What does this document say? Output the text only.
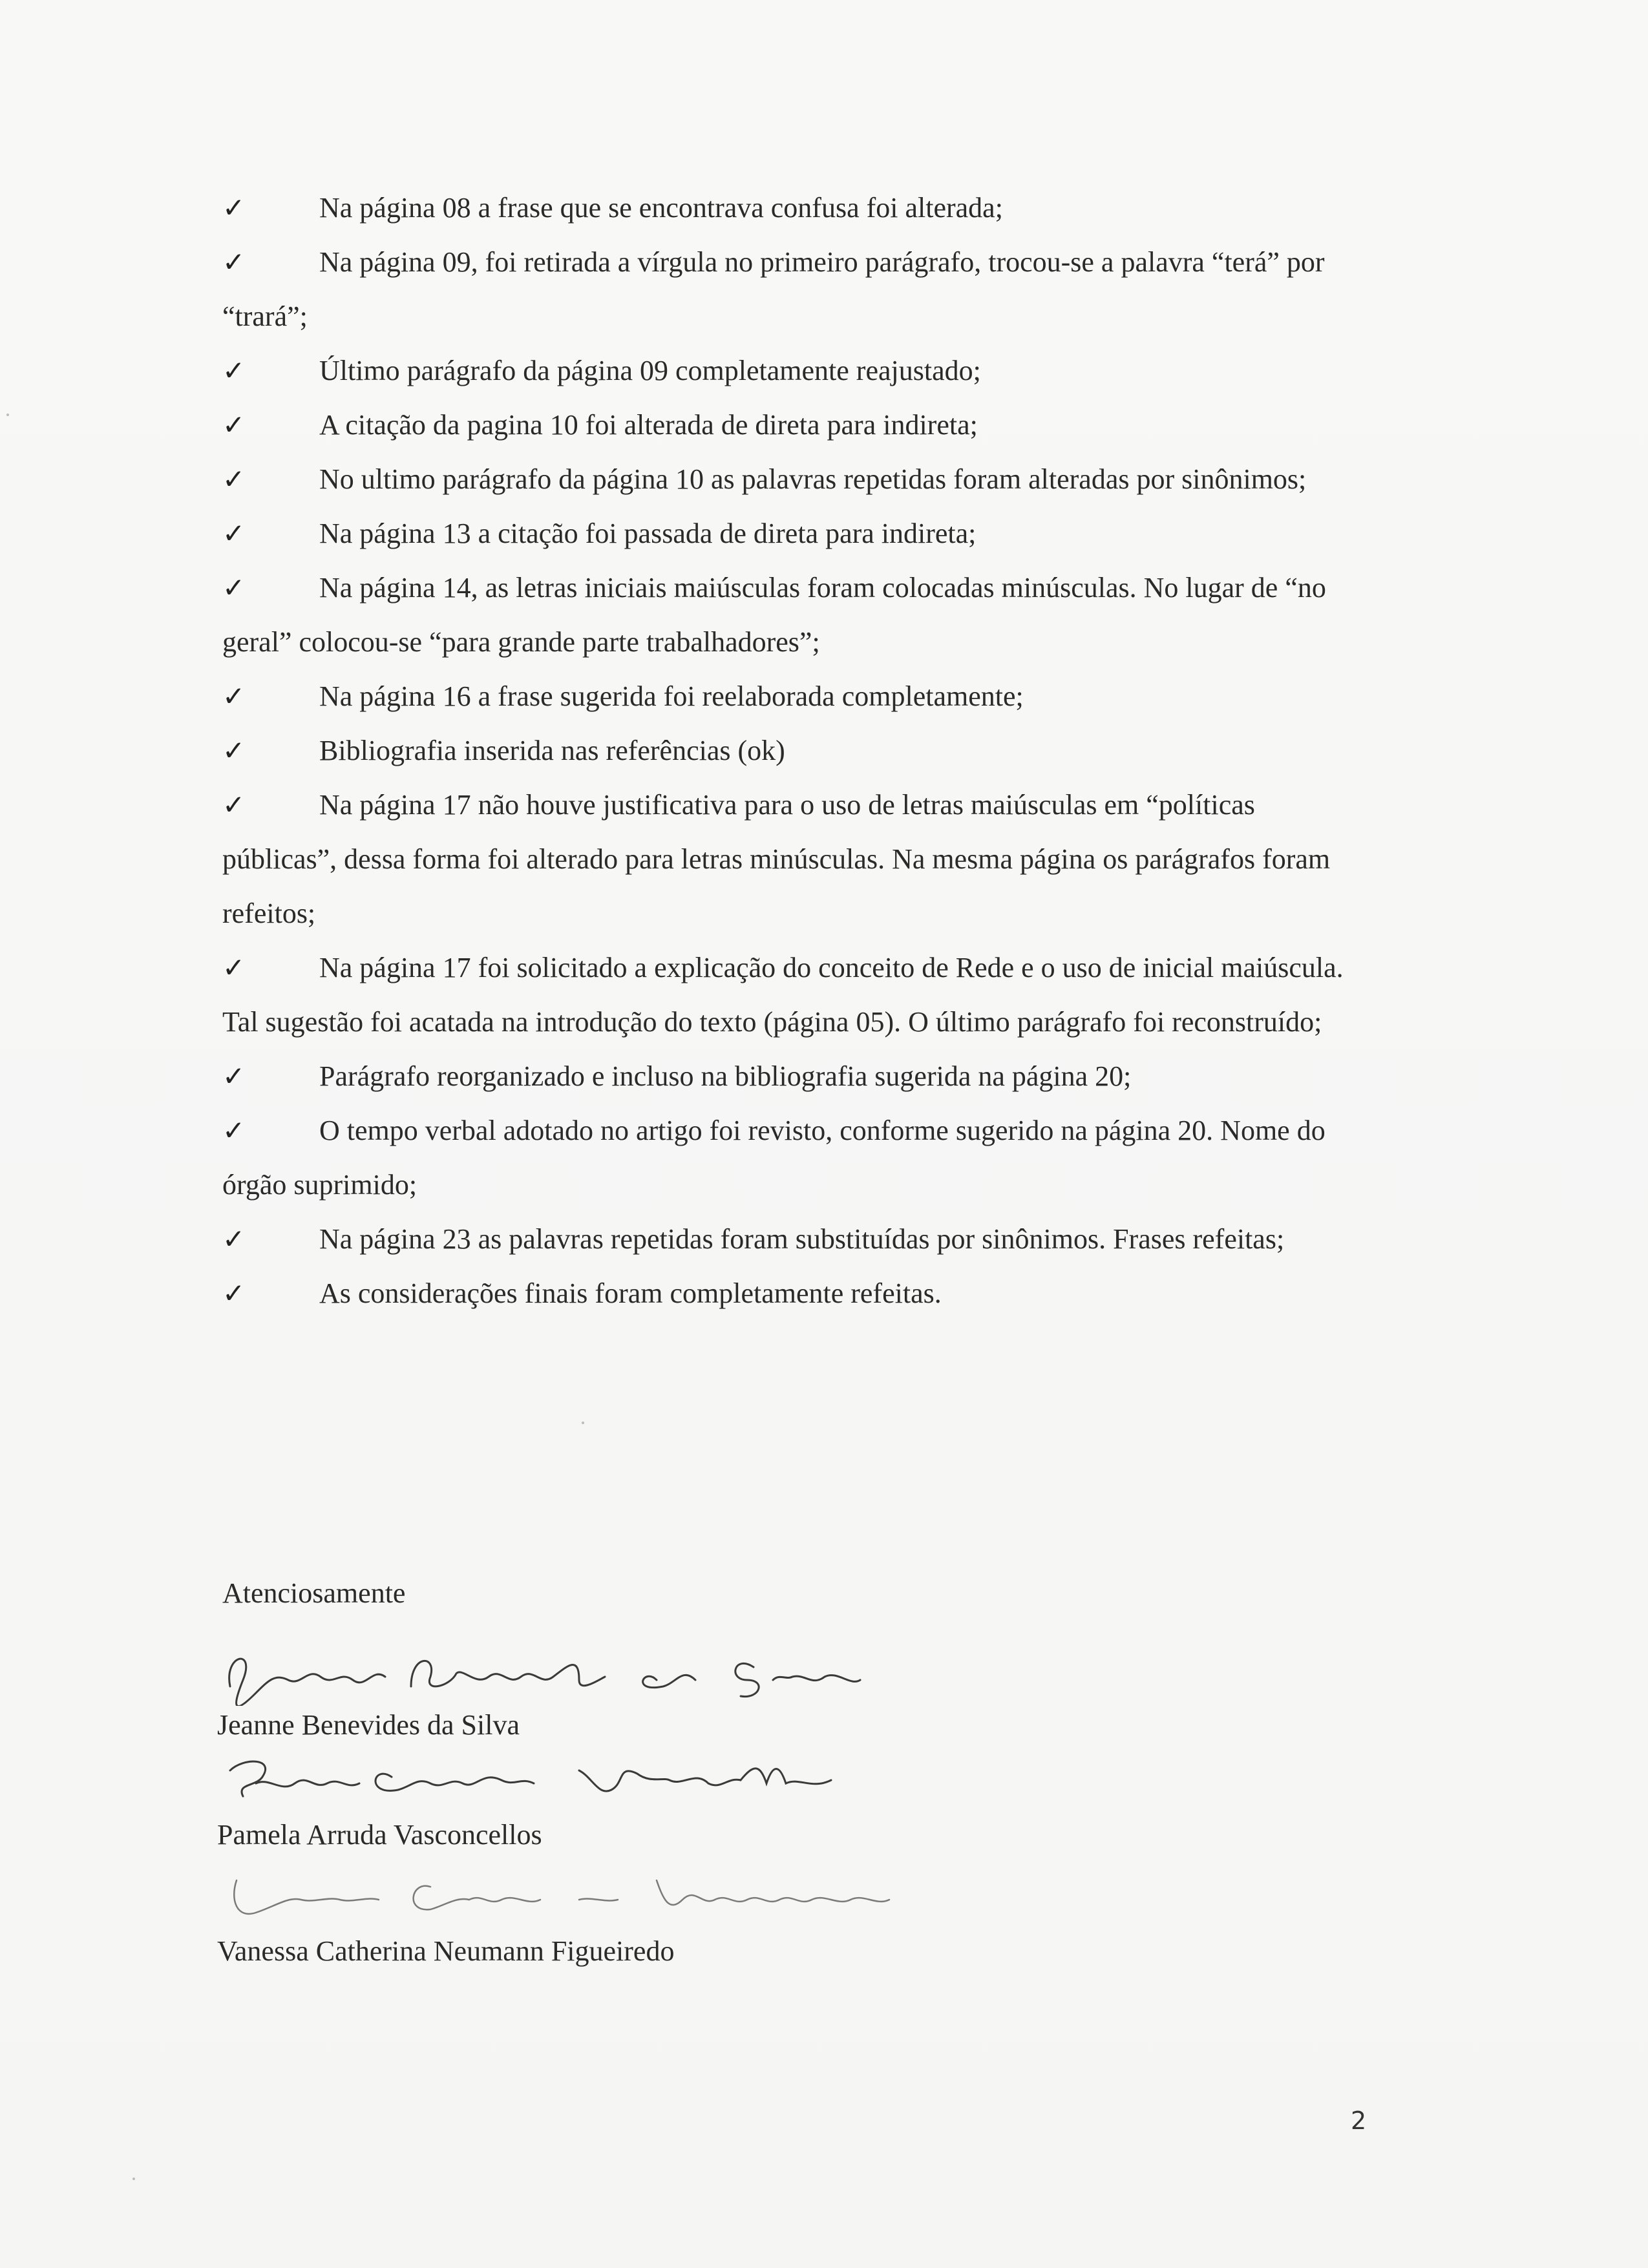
✓	Na página 08 a frase que se encontrava confusa foi alterada;

✓	Na página 09, foi retirada a vírgula no primeiro parágrafo, trocou-se a palavra “terá” por “trará”;

✓	Último parágrafo da página 09 completamente reajustado;

✓	A citação da pagina 10 foi alterada de direta para indireta;

✓	No ultimo parágrafo da página 10 as palavras repetidas foram alteradas por sinônimos;

✓	Na página 13 a citação foi passada de direta para indireta;

✓	Na página 14, as letras iniciais maiúsculas foram colocadas minúsculas. No lugar de “no geral” colocou-se “para grande parte trabalhadores”;

✓	Na página 16 a frase sugerida foi reelaborada completamente;

✓	Bibliografia inserida nas referências (ok)

✓	Na página 17 não houve justificativa para o uso de letras maiúsculas em “políticas públicas”, dessa forma foi alterado para letras minúsculas. Na mesma página os parágrafos foram refeitos;

✓	Na página 17 foi solicitado a explicação do conceito de Rede e o uso de inicial maiúscula. Tal sugestão foi acatada na introdução do texto (página 05). O último parágrafo foi reconstruído;

✓	Parágrafo reorganizado e incluso na bibliografia sugerida na página 20;

✓	O tempo verbal adotado no artigo foi revisto, conforme sugerido na página 20. Nome do órgão suprimido;

✓	Na página 23 as palavras repetidas foram substituídas por sinônimos. Frases refeitas;

✓	As considerações finais foram completamente refeitas.

Atenciosamente
Jeanne Benevides da Silva
Pamela Arruda Vasconcellos
Vanessa Catherina Neumann Figueiredo
2
